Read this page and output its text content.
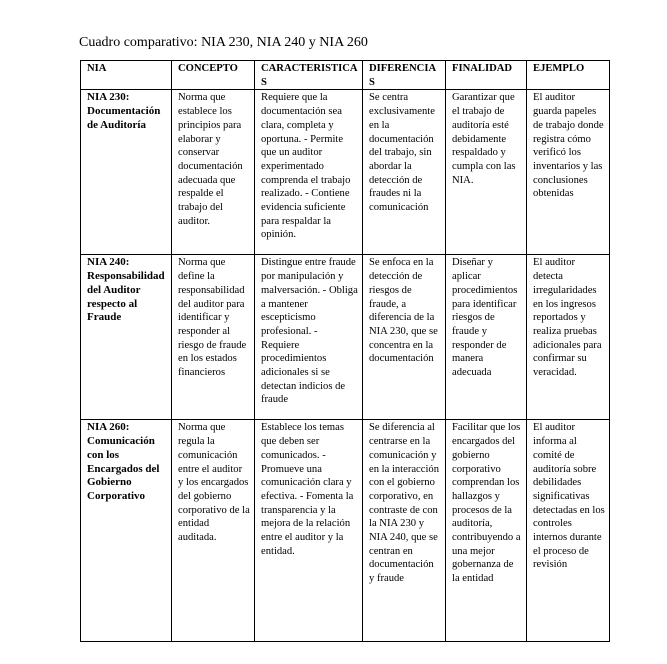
Cuadro comparativo: NIA 230, NIA 240 y NIA 260
NIA	CONCEPTO	CARACTERISTICAS	DIFERENCIAS	FINALIDAD	EJEMPLO
NIA 230: Documentación de Auditoría	Norma que establece los principios para elaborar y conservar documentación adecuada que respalde el trabajo del auditor.	Requiere que la documentación sea clara, completa y oportuna. - Permite que un auditor experimentado comprenda el trabajo realizado. - Contiene evidencia suficiente para respaldar la opinión.	Se centra exclusivamente en la documentación del trabajo, sin abordar la detección de fraudes ni la comunicación	Garantizar que el trabajo de auditoría esté debidamente respaldado y cumpla con las NIA.	El auditor guarda papeles de trabajo donde registra cómo verificó los inventarios y las conclusiones obtenidas
NIA 240: Responsabilidad del Auditor respecto al Fraude	Norma que define la responsabilidad del auditor para identificar y responder al riesgo de fraude en los estados financieros	Distingue entre fraude por manipulación y malversación. - Obliga a mantener escepticismo profesional. - Requiere procedimientos adicionales si se detectan indicios de fraude	Se enfoca en la detección de riesgos de fraude, a diferencia de la NIA 230, que se concentra en la documentación	Diseñar y aplicar procedimientos para identificar riesgos de fraude y responder de manera adecuada	El auditor detecta irregularidades en los ingresos reportados y realiza pruebas adicionales para confirmar su veracidad.
NIA 260: Comunicación con los Encargados del Gobierno Corporativo	Norma que regula la comunicación entre el auditor y los encargados del gobierno corporativo de la entidad auditada.	Establece los temas que deben ser comunicados. - Promueve una comunicación clara y efectiva. - Fomenta la transparencia y la mejora de la relación entre el auditor y la entidad.	Se diferencia al centrarse en la comunicación y en la interacción con el gobierno corporativo, en contraste de con la NIA 230 y NIA 240, que se centran en documentación y fraude	Facilitar que los encargados del gobierno corporativo comprendan los hallazgos y procesos de la auditoría, contribuyendo a una mejor gobernanza de la entidad	El auditor informa al comité de auditoría sobre debilidades significativas detectadas en los controles internos durante el proceso de revisión
